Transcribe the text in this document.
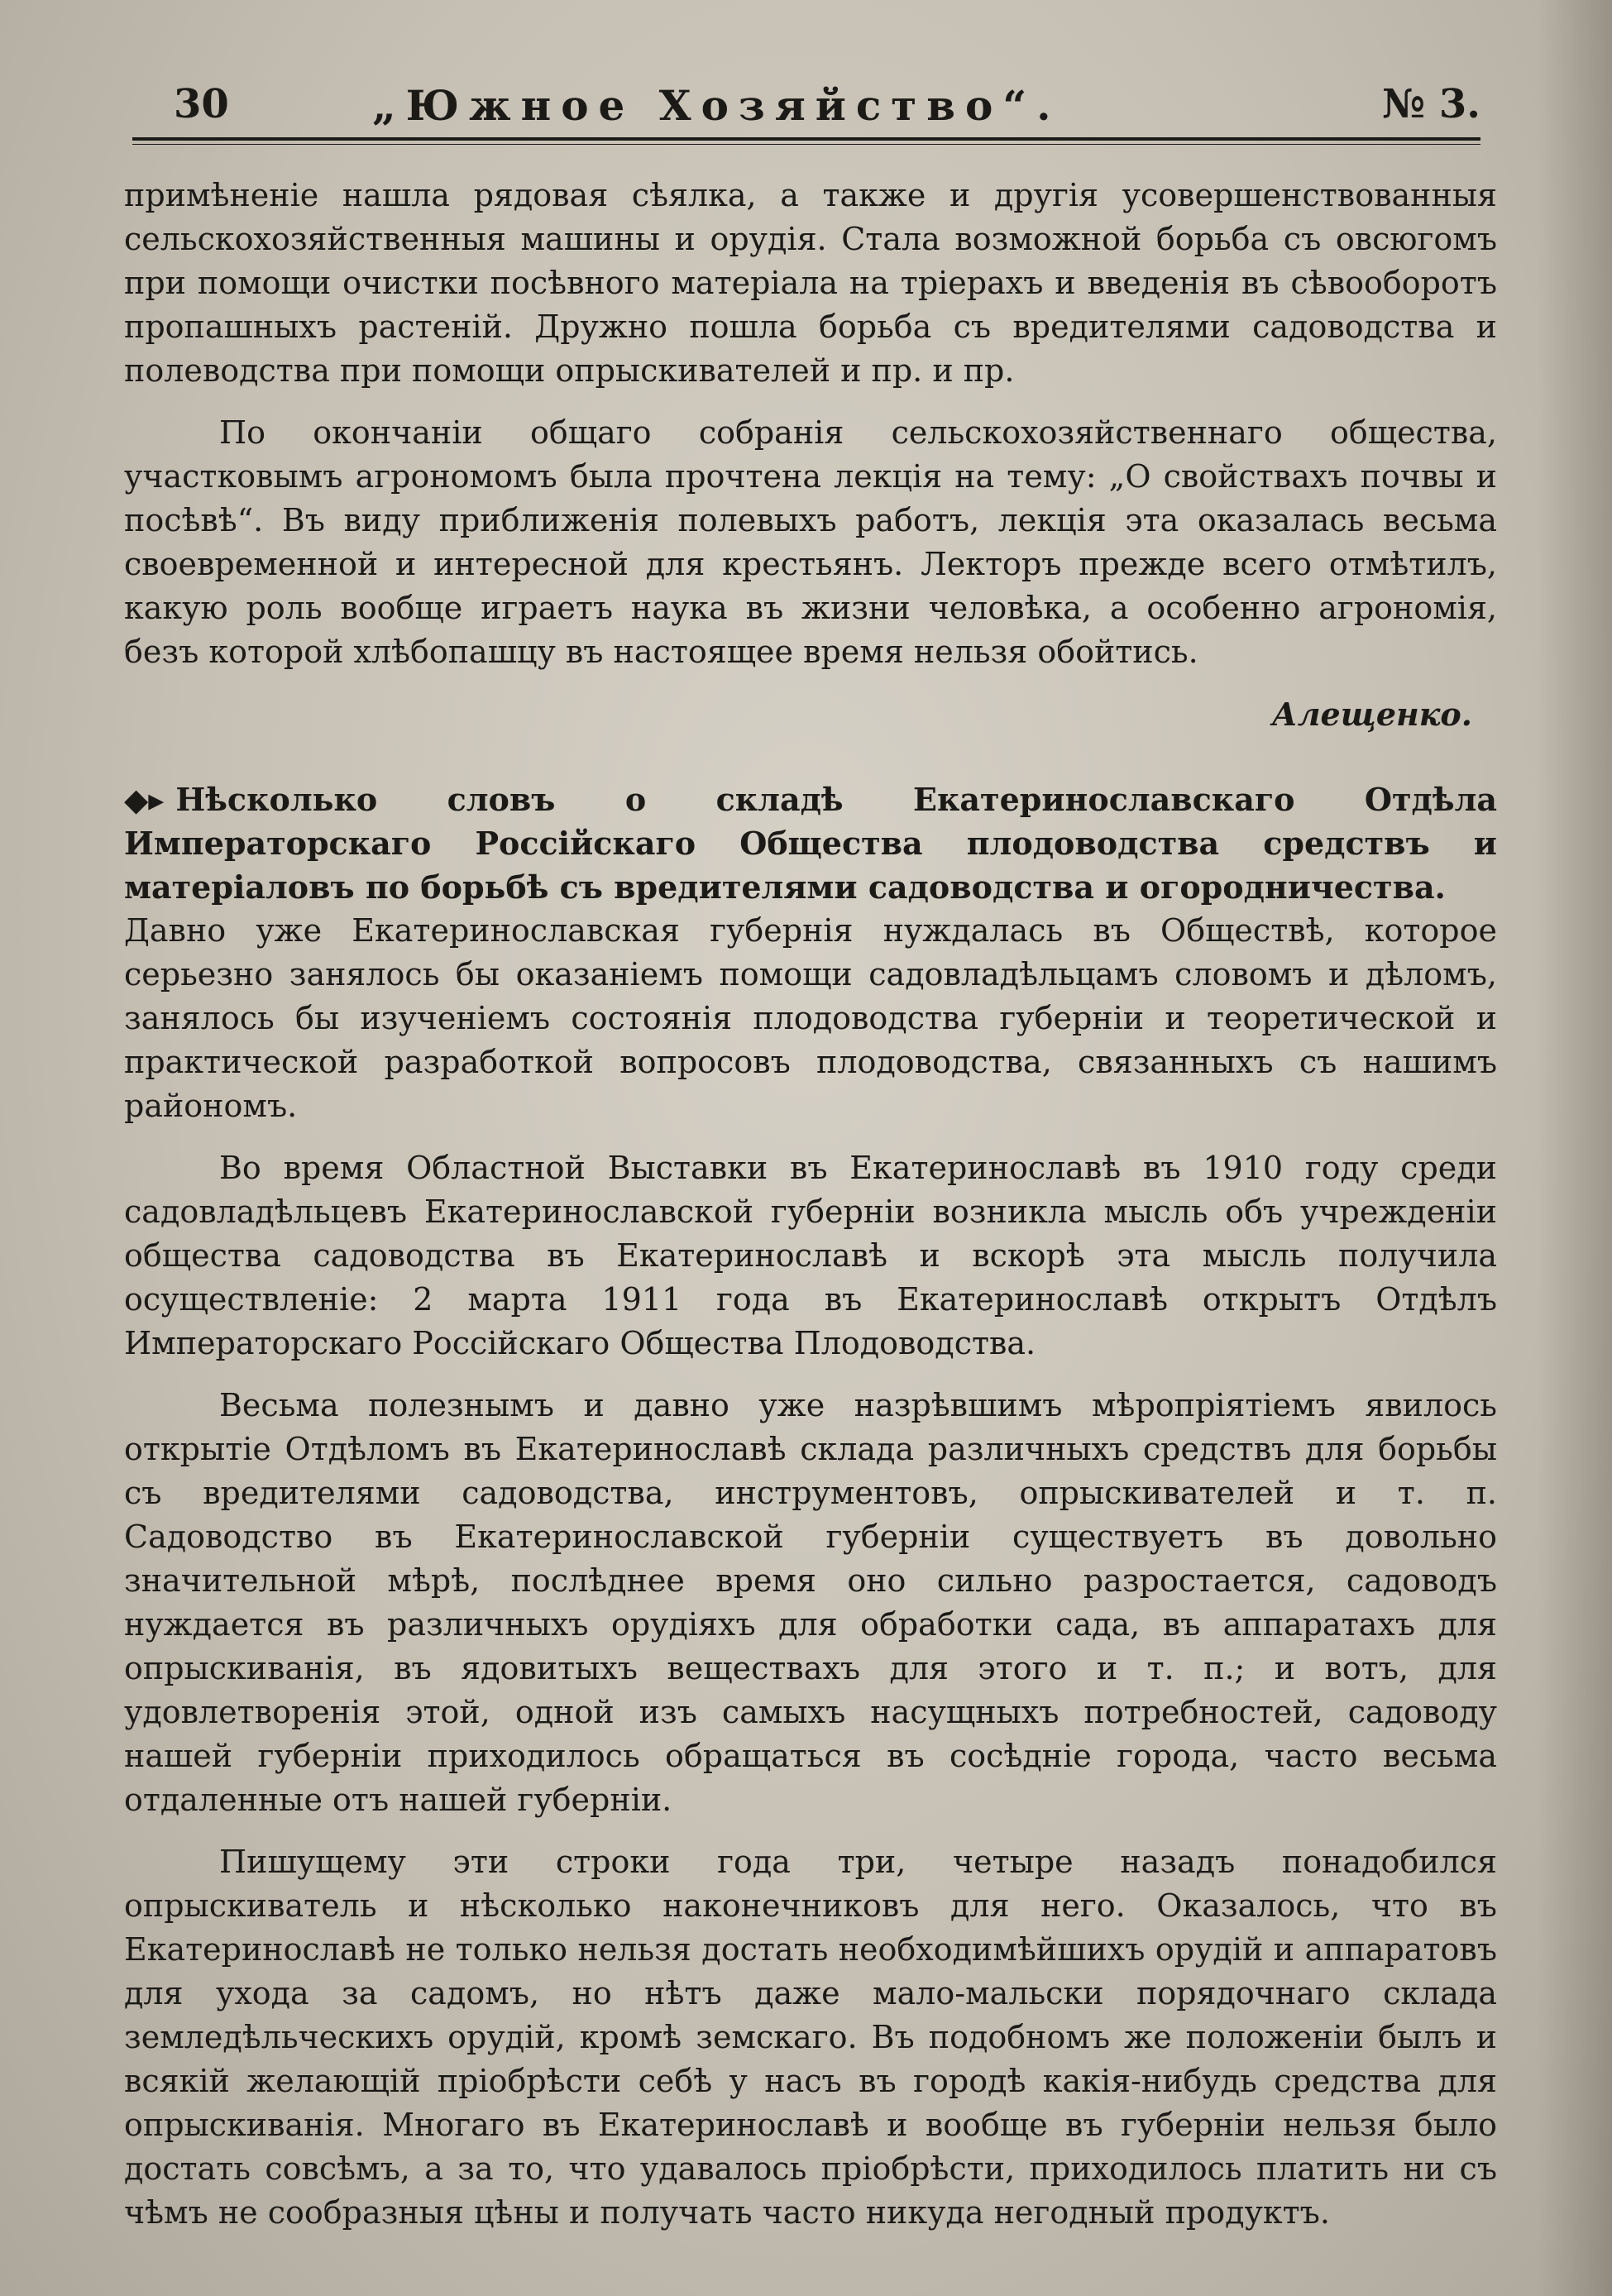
30	„Южное Хозяйство“.	№ 3.

примѣненіе нашла рядовая сѣялка, а также и другія усовершенствованныя сельскохозяйственныя машины и орудія. Стала возможной борьба съ овсюгомъ при помощи очистки посѣвного матеріала на тріерахъ и введенія въ сѣвооборотъ пропашныхъ растеній. Дружно пошла борьба съ вредителями садоводства и полеводства при помощи опрыскивателей и пр. и пр.

По окончаніи общаго собранія сельскохозяйственнаго общества, участковымъ агрономомъ была прочтена лекція на тему: „О свойствахъ почвы и посѣвѣ“. Въ виду приближенія полевыхъ работъ, лекція эта оказалась весьма своевременной и интересной для крестьянъ. Лекторъ прежде всего отмѣтилъ, какую роль вообще играетъ наука въ жизни человѣка, а особенно агрономія, безъ которой хлѣбопашцу въ настоящее время нельзя обойтись.

Алещенко.

◆▸ Нѣсколько словъ о складѣ Екатеринославскаго Отдѣла Императорскаго Россійскаго Общества плодоводства средствъ и матеріаловъ по борьбѣ съ вредителями садоводства и огородничества.

Давно уже Екатеринославская губернія нуждалась въ Обществѣ, которое серьезно занялось бы оказаніемъ помощи садовладѣльцамъ словомъ и дѣломъ, занялось бы изученіемъ состоянія плодоводства губерніи и теоретической и практической разработкой вопросовъ плодоводства, связанныхъ съ нашимъ райономъ.

Во время Областной Выставки въ Екатеринославѣ въ 1910 году среди садовладѣльцевъ Екатеринославской губерніи возникла мысль объ учрежденіи общества садоводства въ Екатеринославѣ и вскорѣ эта мысль получила осуществленіе: 2 марта 1911 года въ Екатеринославѣ открытъ Отдѣлъ Императорскаго Россійскаго Общества Плодоводства.

Весьма полезнымъ и давно уже назрѣвшимъ мѣропріятіемъ явилось открытіе Отдѣломъ въ Екатеринославѣ склада различныхъ средствъ для борьбы съ вредителями садоводства, инструментовъ, опрыскивателей и т. п. Садоводство въ Екатеринославской губерніи существуетъ въ довольно значительной мѣрѣ, послѣднее время оно сильно разростается, садоводъ нуждается въ различныхъ орудіяхъ для обработки сада, въ аппаратахъ для опрыскиванія, въ ядовитыхъ веществахъ для этого и т. п.; и вотъ, для удовлетворенія этой, одной изъ самыхъ насущныхъ потребностей, садоводу нашей губерніи приходилось обращаться въ сосѣдніе города, часто весьма отдаленные отъ нашей губерніи.

Пишущему эти строки года три, четыре назадъ понадобился опрыскиватель и нѣсколько наконечниковъ для него. Оказалось, что въ Екатеринославѣ не только нельзя достать необходимѣйшихъ орудій и аппаратовъ для ухода за садомъ, но нѣтъ даже мало-мальски порядочнаго склада земледѣльческихъ орудій, кромѣ земскаго. Въ подобномъ же положеніи былъ и всякій желающій пріобрѣсти себѣ у насъ въ городѣ какія-нибудь средства для опрыскиванія. Многаго въ Екатеринославѣ и вообще въ губерніи нельзя было достать совсѣмъ, а за то, что удавалось пріобрѣсти, приходилось платить ни съ чѣмъ не сообразныя цѣны и получать часто никуда негодный продуктъ.
